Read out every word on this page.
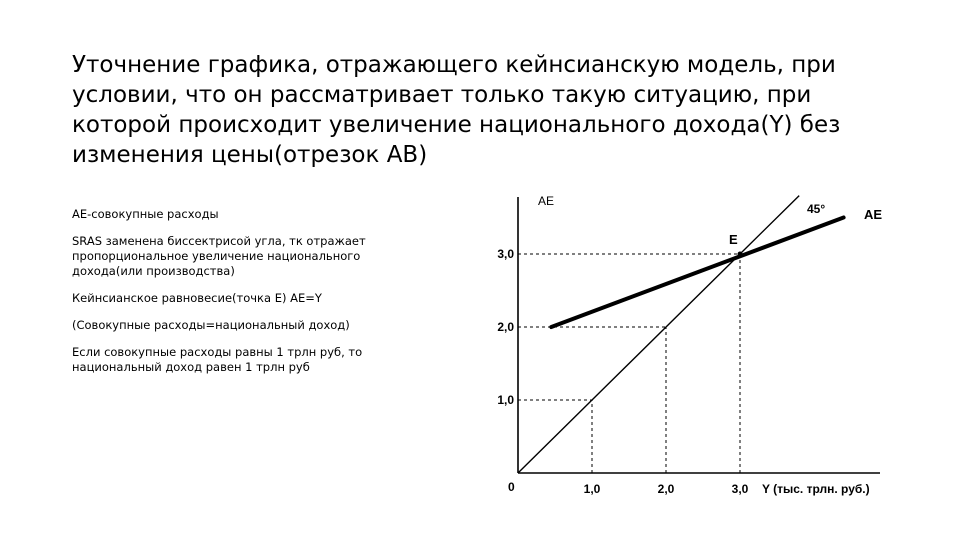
Уточнение графика, отражающего кейнсианскую модель, при условии, что он рассматривает только такую ситуацию, при которой происходит увеличение национального дохода(Y) без изменения цены(отрезок AB)

AE-совокупные расходы

SRAS заменена биссектрисой угла, тк отражает пропорциональное увеличение национального дохода(или производства)

Кейнсианское равновесие(точка E) AE=Y

(Совокупные расходы=национальный доход)

Если совокупные расходы равны 1 трлн руб, то национальный доход равен 1 трлн руб

AE
0	1,0	2,0	3,0
1,0
2,0
3,0
Y (тыс. трлн. руб.)
45°	AE
E
